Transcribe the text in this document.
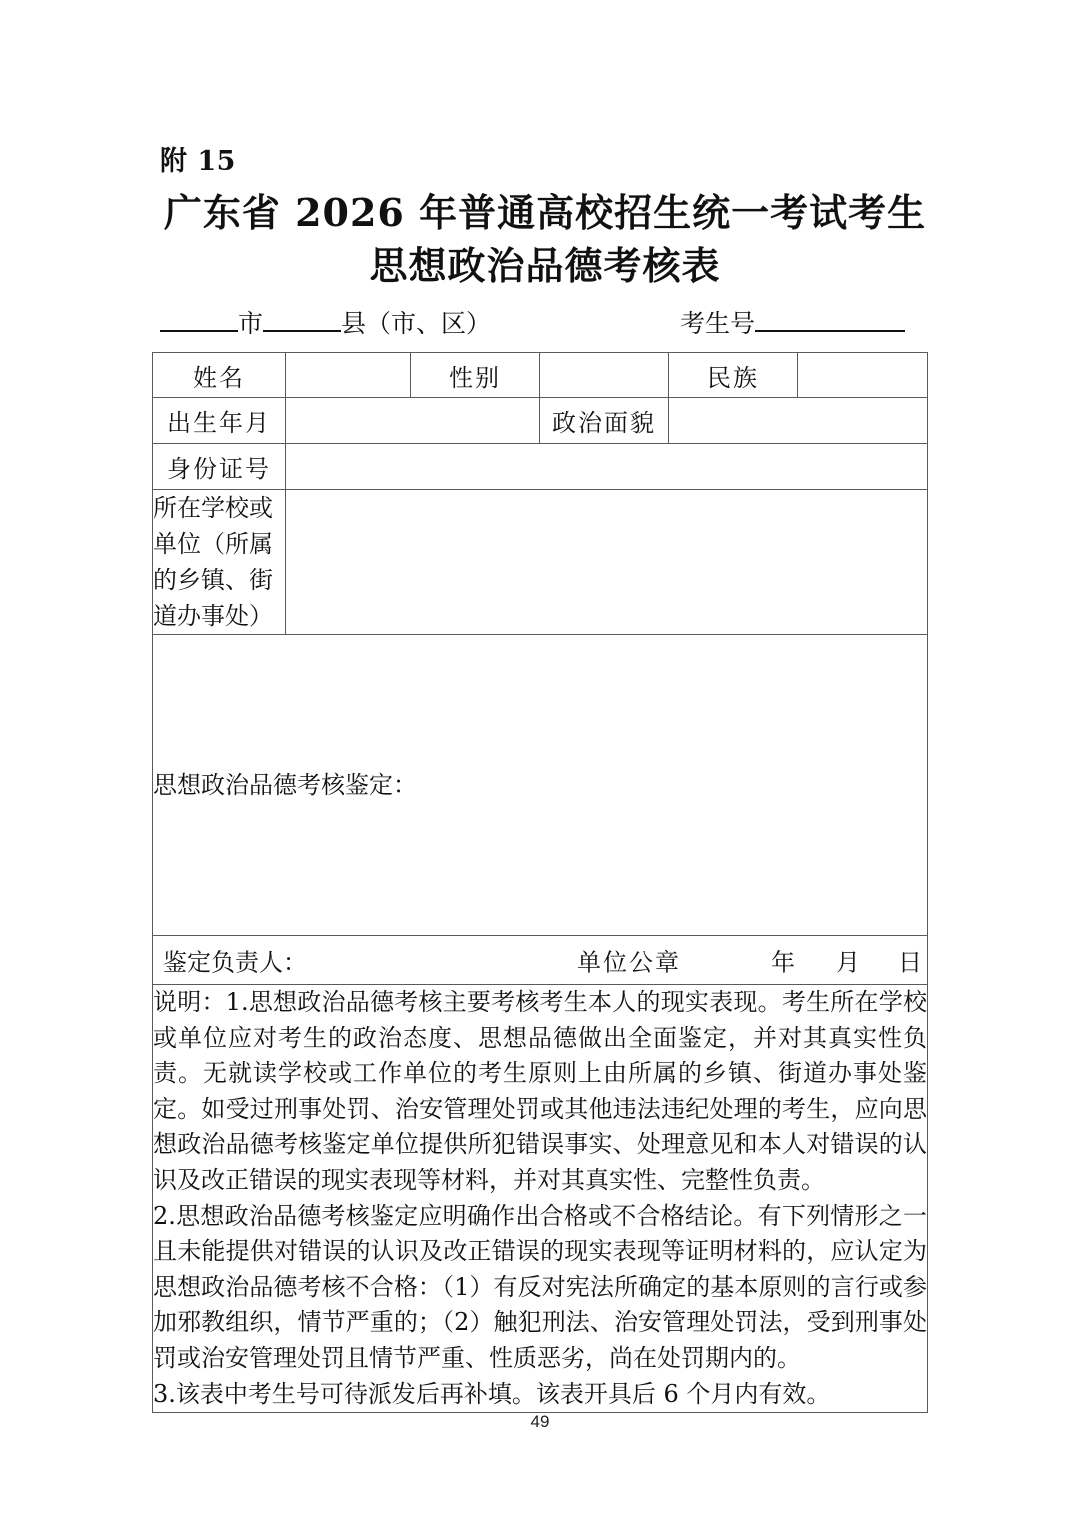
附 15
广东省 2026 年普通高校招生统一考试考生
思想政治品德考核表
市	县（市、区）	考生号
姓名		性别		民族	
出生年月			政治面貌		
身份证号					

所在学校或单位（所属
的乡镇、街道办事处）					

思想政治品德考核鉴定：					

鉴定负责人： 单位公章 年 月 日					

说明：1.思想政治品德考核主要考核考生本人的现实表现。考生所在学校或单位应对考生的政治态度、思想品德做出全面鉴定，并对其真实性负责。无就读学校或工作单位的考生原则上由所属的乡镇、街道办事处鉴定。如受过刑事处罚、治安管理处罚或其他违法违纪处理的考生，应向思想政治品德考核鉴定单位提供所犯错误事实、处理意见和本人对错误的认识及改正错误的现实表现等材料，并对其真实性、完整性负责。

2.思想政治品德考核鉴定应明确作出合格或不合格结论。有下列情形之一且未能提供对错误的认识及改正错误的现实表现等证明材料的，应认定为思想政治品德考核不合格：（1）有反对宪法所确定的基本原则的言行或参加邪教组织，情节严重的；（2）触犯刑法、治安管理处罚法，受到刑事处罚或治安管理处罚且情节严重、性质恶劣，尚在处罚期内的。

3.该表中考生号可待派发后再补填。该表开具后 6 个月内有效。					

49
